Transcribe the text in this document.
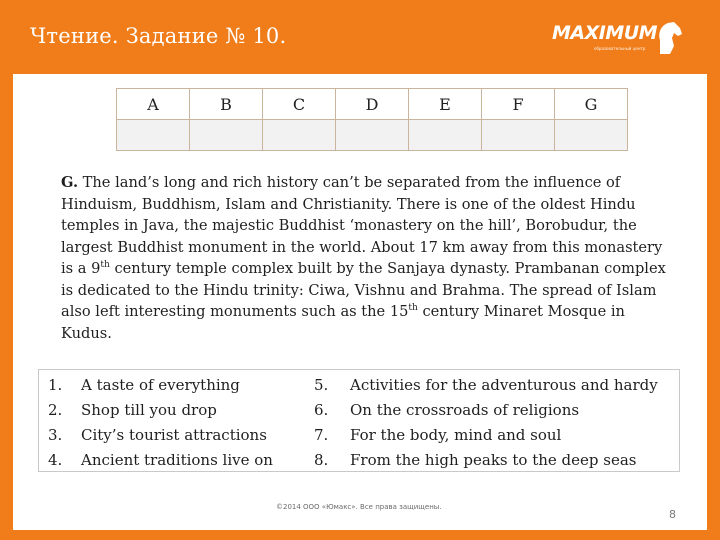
Чтение. Задание № 10.	MAXIMUM
образовательный центр
A	B	C	D	E	F	G

G. The land’s long and rich history can’t be separated from the influence of Hinduism, Buddhism, Islam and Christianity. There is one of the oldest Hindu temples in Java, the majestic Buddhist ‘monastery on the hill’, Borobudur, the largest Buddhist monument in the world. About 17 km away from this monastery is a 9th century temple complex built by the Sanjaya dynasty. Prambanan complex is dedicated to the Hindu trinity: Ciwa, Vishnu and Brahma. The spread of Islam also left interesting monuments such as the 15th century Minaret Mosque in Kudus.
1. A taste of everything
2. Shop till you drop
3. City’s tourist attractions
4. Ancient traditions live on
5. Activities for the adventurous and hardy
6. On the crossroads of religions
7. For the body, mind and soul
8. From the high peaks to the deep seas
©2014 ООО «Юмакс». Все права защищены.
8
